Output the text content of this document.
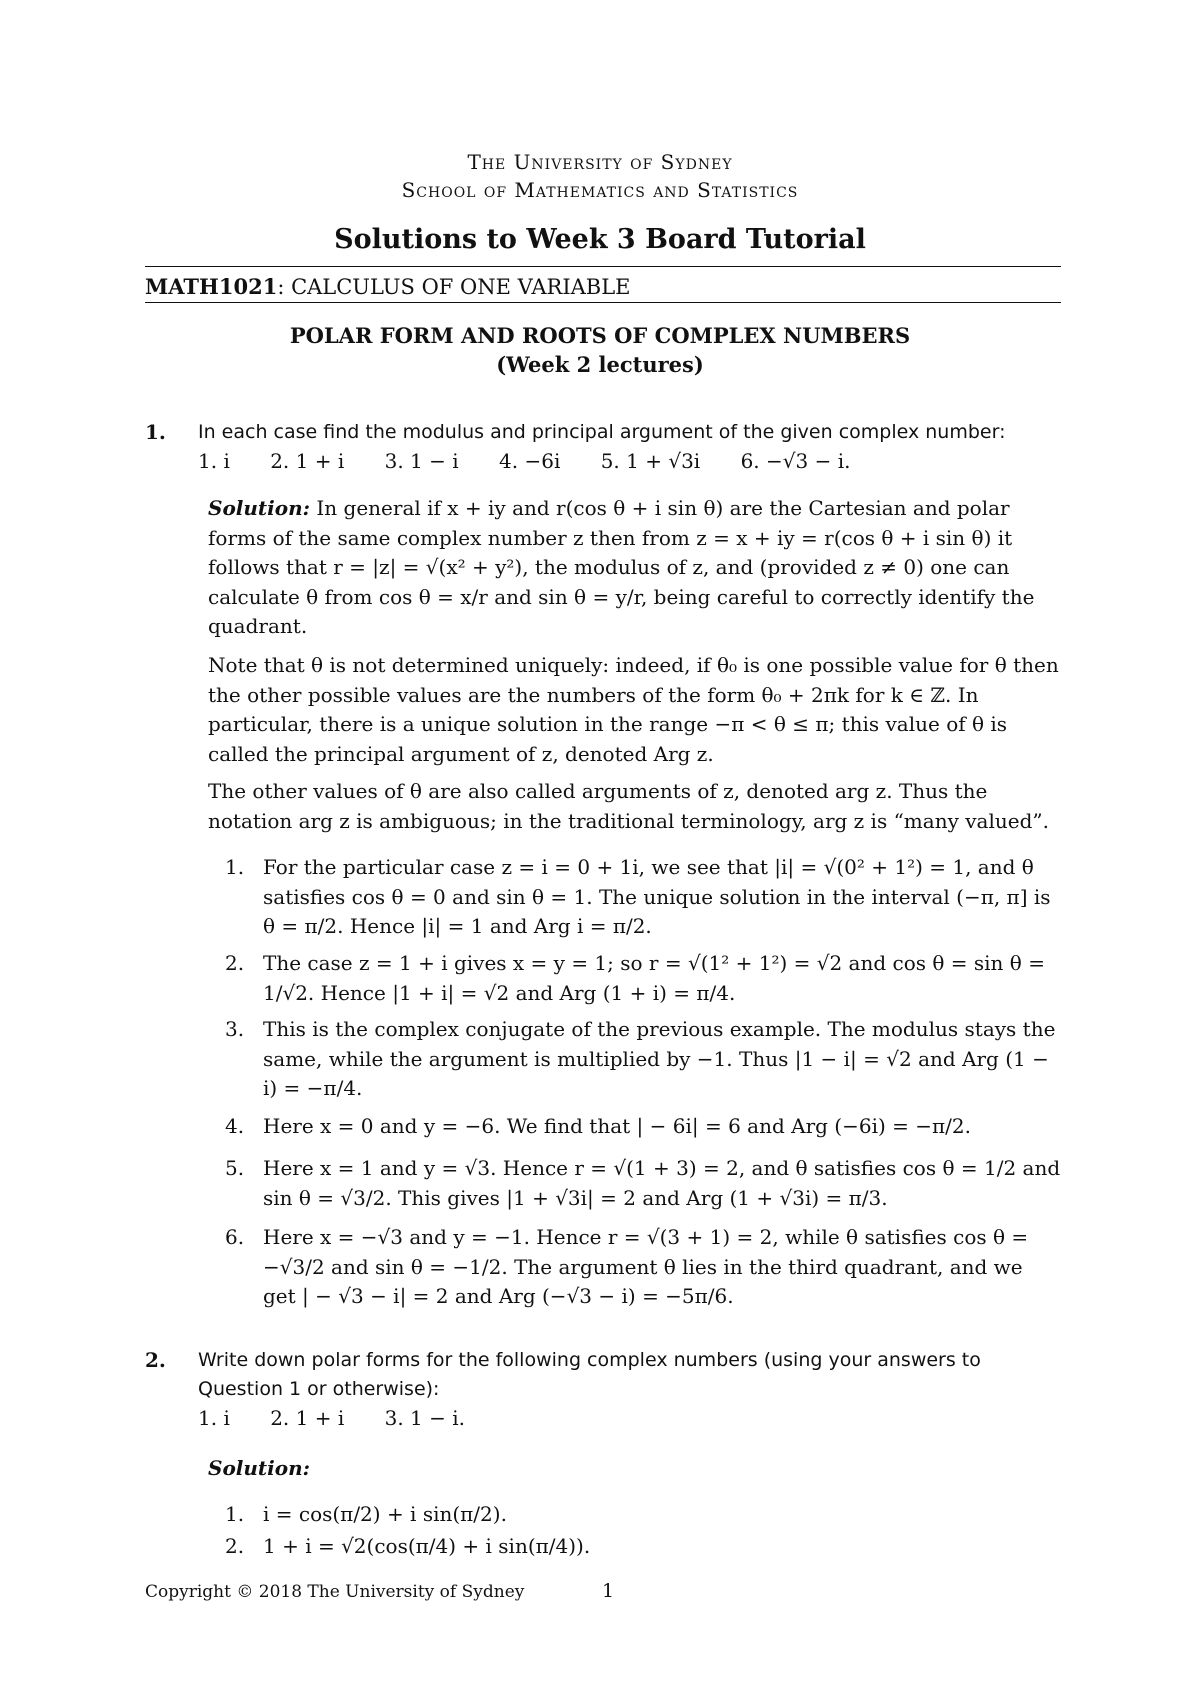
The University of Sydney
School of Mathematics and Statistics
Solutions to Week 3 Board Tutorial
MATH1021: CALCULUS OF ONE VARIABLE
POLAR FORM AND ROOTS OF COMPLEX NUMBERS
(Week 2 lectures)
1.	In each case find the modulus and principal argument of the given complex number:
1. i 2. 1 + i 3. 1 − i 4. −6i 5. 1 + √3i 6. −√3 − i.
Solution: In general if x + iy and r(cos θ + i sin θ) are the Cartesian and polar forms of the same complex number z then from z = x + iy = r(cos θ + i sin θ) it follows that r = |z| = √(x² + y²), the modulus of z, and (provided z ≠ 0) one can calculate θ from cos θ = x/r and sin θ = y/r, being careful to correctly identify the quadrant.
Note that θ is not determined uniquely: indeed, if θ₀ is one possible value for θ then the other possible values are the numbers of the form θ₀ + 2πk for k ∈ ℤ. In particular, there is a unique solution in the range −π < θ ≤ π; this value of θ is called the principal argument of z, denoted Arg z.
The other values of θ are also called arguments of z, denoted arg z. Thus the notation arg z is ambiguous; in the traditional terminology, arg z is “many valued”.
1. For the particular case z = i = 0 + 1i, we see that |i| = √(0² + 1²) = 1, and θ satisfies cos θ = 0 and sin θ = 1. The unique solution in the interval (−π, π] is θ = π/2. Hence |i| = 1 and Arg i = π/2.
2. The case z = 1 + i gives x = y = 1; so r = √(1² + 1²) = √2 and cos θ = sin θ = 1/√2. Hence |1 + i| = √2 and Arg (1 + i) = π/4.
3. This is the complex conjugate of the previous example. The modulus stays the same, while the argument is multiplied by −1. Thus |1 − i| = √2 and Arg (1 − i) = −π/4.
4. Here x = 0 and y = −6. We find that | − 6i| = 6 and Arg (−6i) = −π/2.
5. Here x = 1 and y = √3. Hence r = √(1 + 3) = 2, and θ satisfies cos θ = 1/2 and sin θ = √3/2. This gives |1 + √3i| = 2 and Arg (1 + √3i) = π/3.
6. Here x = −√3 and y = −1. Hence r = √(3 + 1) = 2, while θ satisfies cos θ = −√3/2 and sin θ = −1/2. The argument θ lies in the third quadrant, and we get | − √3 − i| = 2 and Arg (−√3 − i) = −5π/6.
2.	Write down polar forms for the following complex numbers (using your answers to Question 1 or otherwise):
1. i 2. 1 + i 3. 1 − i.
Solution:
1. i = cos(π/2) + i sin(π/2).
2. 1 + i = √2(cos(π/4) + i sin(π/4)).
Copyright © 2018 The University of Sydney	1
